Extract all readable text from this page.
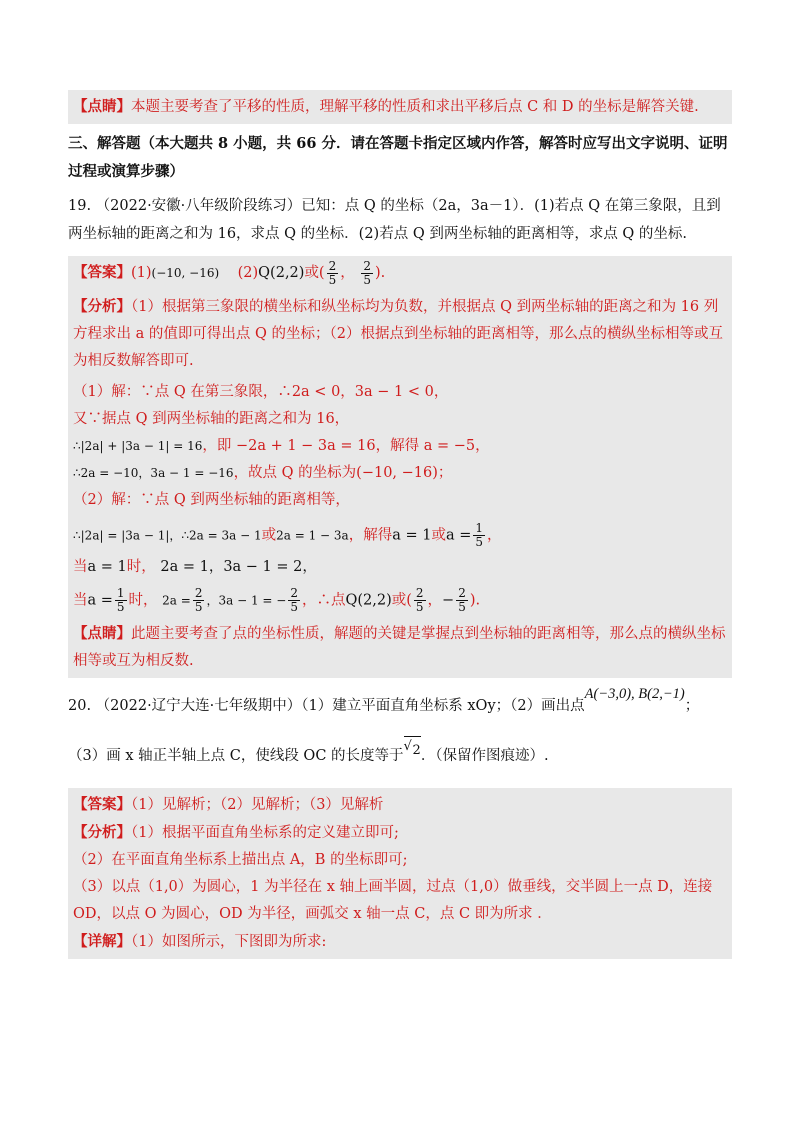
【点睛】本题主要考查了平移的性质，理解平移的性质和求出平移后点 C 和 D 的坐标是解答关键.
三、解答题（本大题共 8 小题，共 66 分．请在答题卡指定区域内作答，解答时应写出文字说明、证明过程或演算步骤）
19. （2022·安徽·八年级阶段练习）已知：点 Q 的坐标（2a，3a－1）．(1)若点 Q 在第三象限，且到两坐标轴的距离之和为 16，求点 Q 的坐标．(2)若点 Q 到两坐标轴的距离相等，求点 Q 的坐标.
【答案】(1)(−10, −16) (2)Q(2,2)或( $\frac{2}{5}$ ， $\frac{2}{5}$ ).
【分析】（1）根据第三象限的横坐标和纵坐标均为负数，并根据点 Q 到两坐标轴的距离之和为 16 列方程求出 a 的值即可得出点 Q 的坐标；（2）根据点到坐标轴的距离相等，那么点的横纵坐标相等或互为相反数解答即可.
（1）解：∵点 Q 在第三象限，∴2a < 0，3a − 1 < 0，
又∵据点 Q 到两坐标轴的距离之和为 16，
∴|2a| + |3a − 1| = 16，即 −2a + 1 − 3a = 16，解得 a = −5，
∴2a = −10，3a − 1 = −16，故点 Q 的坐标为(−10, −16)；
（2）解：∵点 Q 到两坐标轴的距离相等，
∴|2a| = |3a − 1|，∴2a = 3a − 1或2a = 1 − 3a，解得a = 1或$a = \frac{1}{5}$ ，
当a = 1时， 2a = 1，3a − 1 = 2，
当$a = \frac{1}{5}$ 时， $2a = \frac{2}{5}$ ，3a − 1 = − $\frac{2}{5}$ ，∴点Q(2,2)或( $\frac{2}{5}$ ，− $\frac{2}{5}$ ).
【点睛】此题主要考查了点的坐标性质，解题的关键是掌握点到坐标轴的距离相等，那么点的横纵坐标相等或互为相反数.
20. （2022·辽宁大连·七年级期中）（1）建立平面直角坐标系 xOy；（2）画出点A(−3,0), B(2,−1)；
（3）画 x 轴正半轴上点 C，使线段 OC 的长度等于√ 2．（保留作图痕迹）.
【答案】（1）见解析；（2）见解析；（3）见解析
【分析】（1）根据平面直角坐标系的定义建立即可;
（2）在平面直角坐标系上描出点 A，B 的坐标即可;
（3）以点（1,0）为圆心，1 为半径在 x 轴上画半圆，过点（1,0）做垂线，交半圆上一点 D，连接 OD，以点 O 为圆心，OD 为半径，画弧交 x 轴一点 C，点 C 即为所求 ．
【详解】（1）如图所示，下图即为所求:
